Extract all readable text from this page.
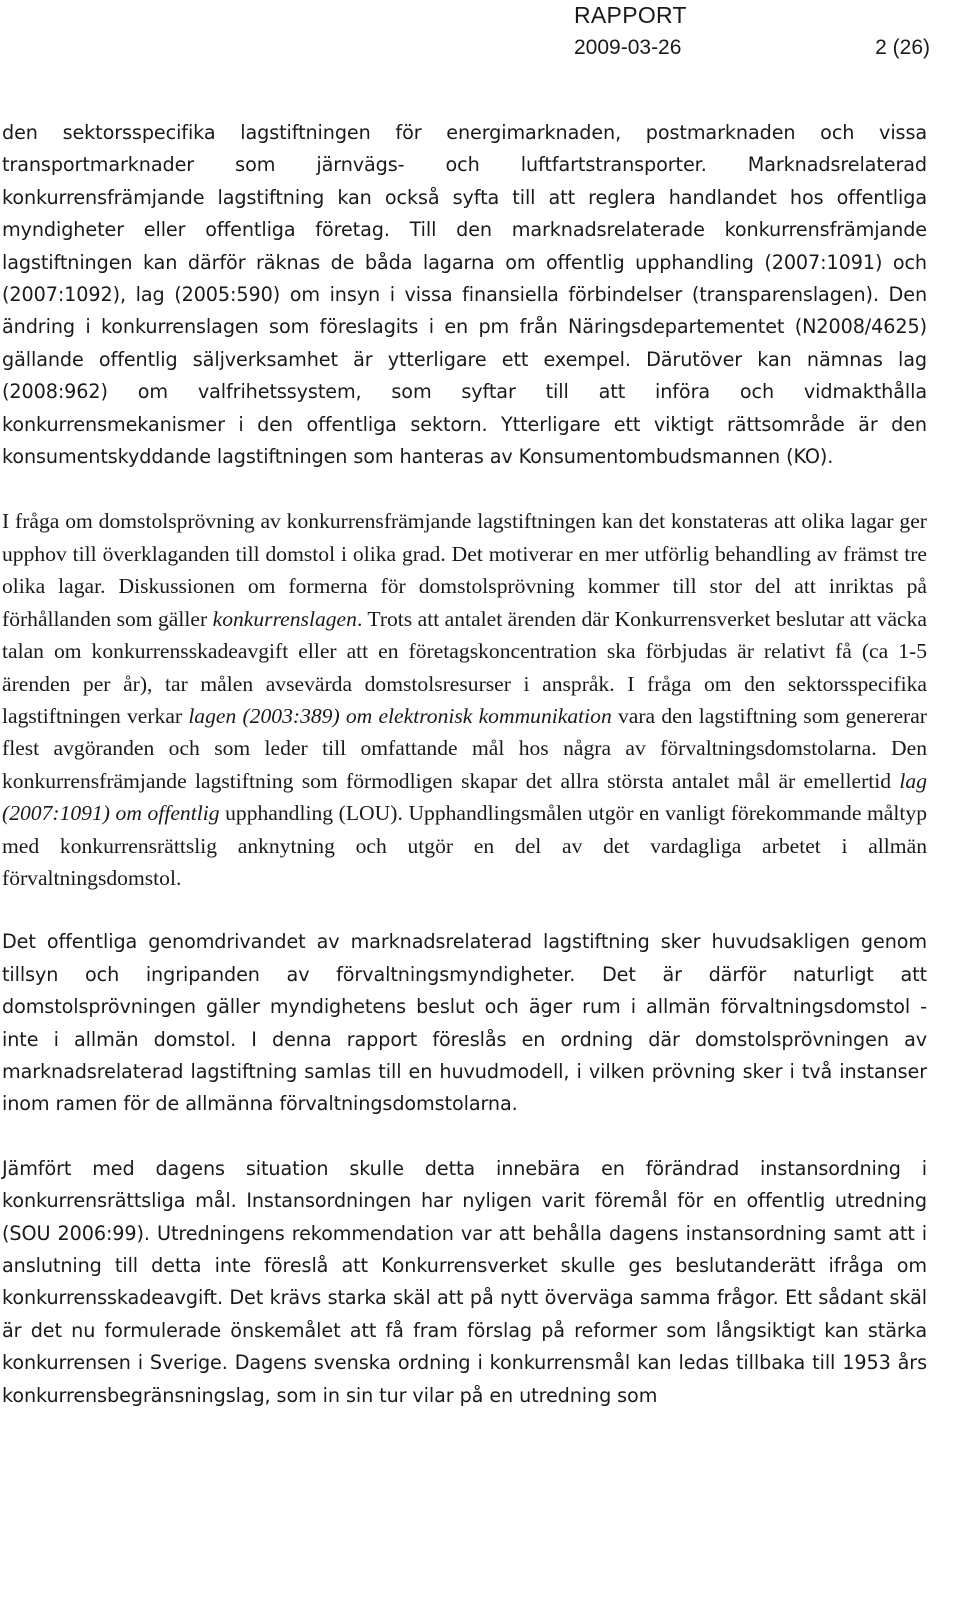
RAPPORT
2009-03-26	2 (26)

den sektorsspecifika lagstiftningen för energimarknaden, postmarknaden och vissa transportmarknader som järnvägs- och luftfartstransporter. Marknadsrelaterad konkurrensfrämjande lagstiftning kan också syfta till att reglera handlandet hos offentliga myndigheter eller offentliga företag. Till den marknadsrelaterade konkurrensfrämjande lagstiftningen kan därför räknas de båda lagarna om offentlig upphandling (2007:1091) och (2007:1092), lag (2005:590) om insyn i vissa finansiella förbindelser (transparenslagen). Den ändring i konkurrenslagen som föreslagits i en pm från Näringsdepartementet (N2008/4625) gällande offentlig säljverksamhet är ytterligare ett exempel. Därutöver kan nämnas lag (2008:962) om valfrihetssystem, som syftar till att införa och vidmakthålla konkurrensmekanismer i den offentliga sektorn. Ytterligare ett viktigt rättsområde är den konsumentskyddande lagstiftningen som hanteras av Konsumentombudsmannen (KO).

I fråga om domstolsprövning av konkurrensfrämjande lagstiftningen kan det konstateras att olika lagar ger upphov till överklaganden till domstol i olika grad. Det motiverar en mer utförlig behandling av främst tre olika lagar. Diskussionen om formerna för domstolsprövning kommer till stor del att inriktas på förhållanden som gäller konkurrenslagen. Trots att antalet ärenden där Konkurrensverket beslutar att väcka talan om konkurrensskadeavgift eller att en företagskoncentration ska förbjudas är relativt få (ca 1-5 ärenden per år), tar målen avsevärda domstolsresurser i anspråk. I fråga om den sektorsspecifika lagstiftningen verkar lagen (2003:389) om elektronisk kommunikation vara den lagstiftning som genererar flest avgöranden och som leder till omfattande mål hos några av förvaltningsdomstolarna. Den konkurrensfrämjande lagstiftning som förmodligen skapar det allra största antalet mål är emellertid lag (2007:1091) om offentlig upphandling (LOU). Upphandlingsmålen utgör en vanligt förekommande måltyp med konkurrensrättslig anknytning och utgör en del av det vardagliga arbetet i allmän förvaltningsdomstol.

Det offentliga genomdrivandet av marknadsrelaterad lagstiftning sker huvudsakligen genom tillsyn och ingripanden av förvaltningsmyndigheter. Det är därför naturligt att domstolsprövningen gäller myndighetens beslut och äger rum i allmän förvaltningsdomstol - inte i allmän domstol. I denna rapport föreslås en ordning där domstolsprövningen av marknadsrelaterad lagstiftning samlas till en huvudmodell, i vilken prövning sker i två instanser inom ramen för de allmänna förvaltningsdomstolarna.

Jämfört med dagens situation skulle detta innebära en förändrad instansordning i konkurrensrättsliga mål. Instansordningen har nyligen varit föremål för en offentlig utredning (SOU 2006:99). Utredningens rekommendation var att behålla dagens instansordning samt att i anslutning till detta inte föreslå att Konkurrensverket skulle ges beslutanderätt ifråga om konkurrensskadeavgift. Det krävs starka skäl att på nytt överväga samma frågor. Ett sådant skäl är det nu formulerade önskemålet att få fram förslag på reformer som långsiktigt kan stärka konkurrensen i Sverige. Dagens svenska ordning i konkurrensmål kan ledas tillbaka till 1953 års konkurrensbegränsningslag, som in sin tur vilar på en utredning som
